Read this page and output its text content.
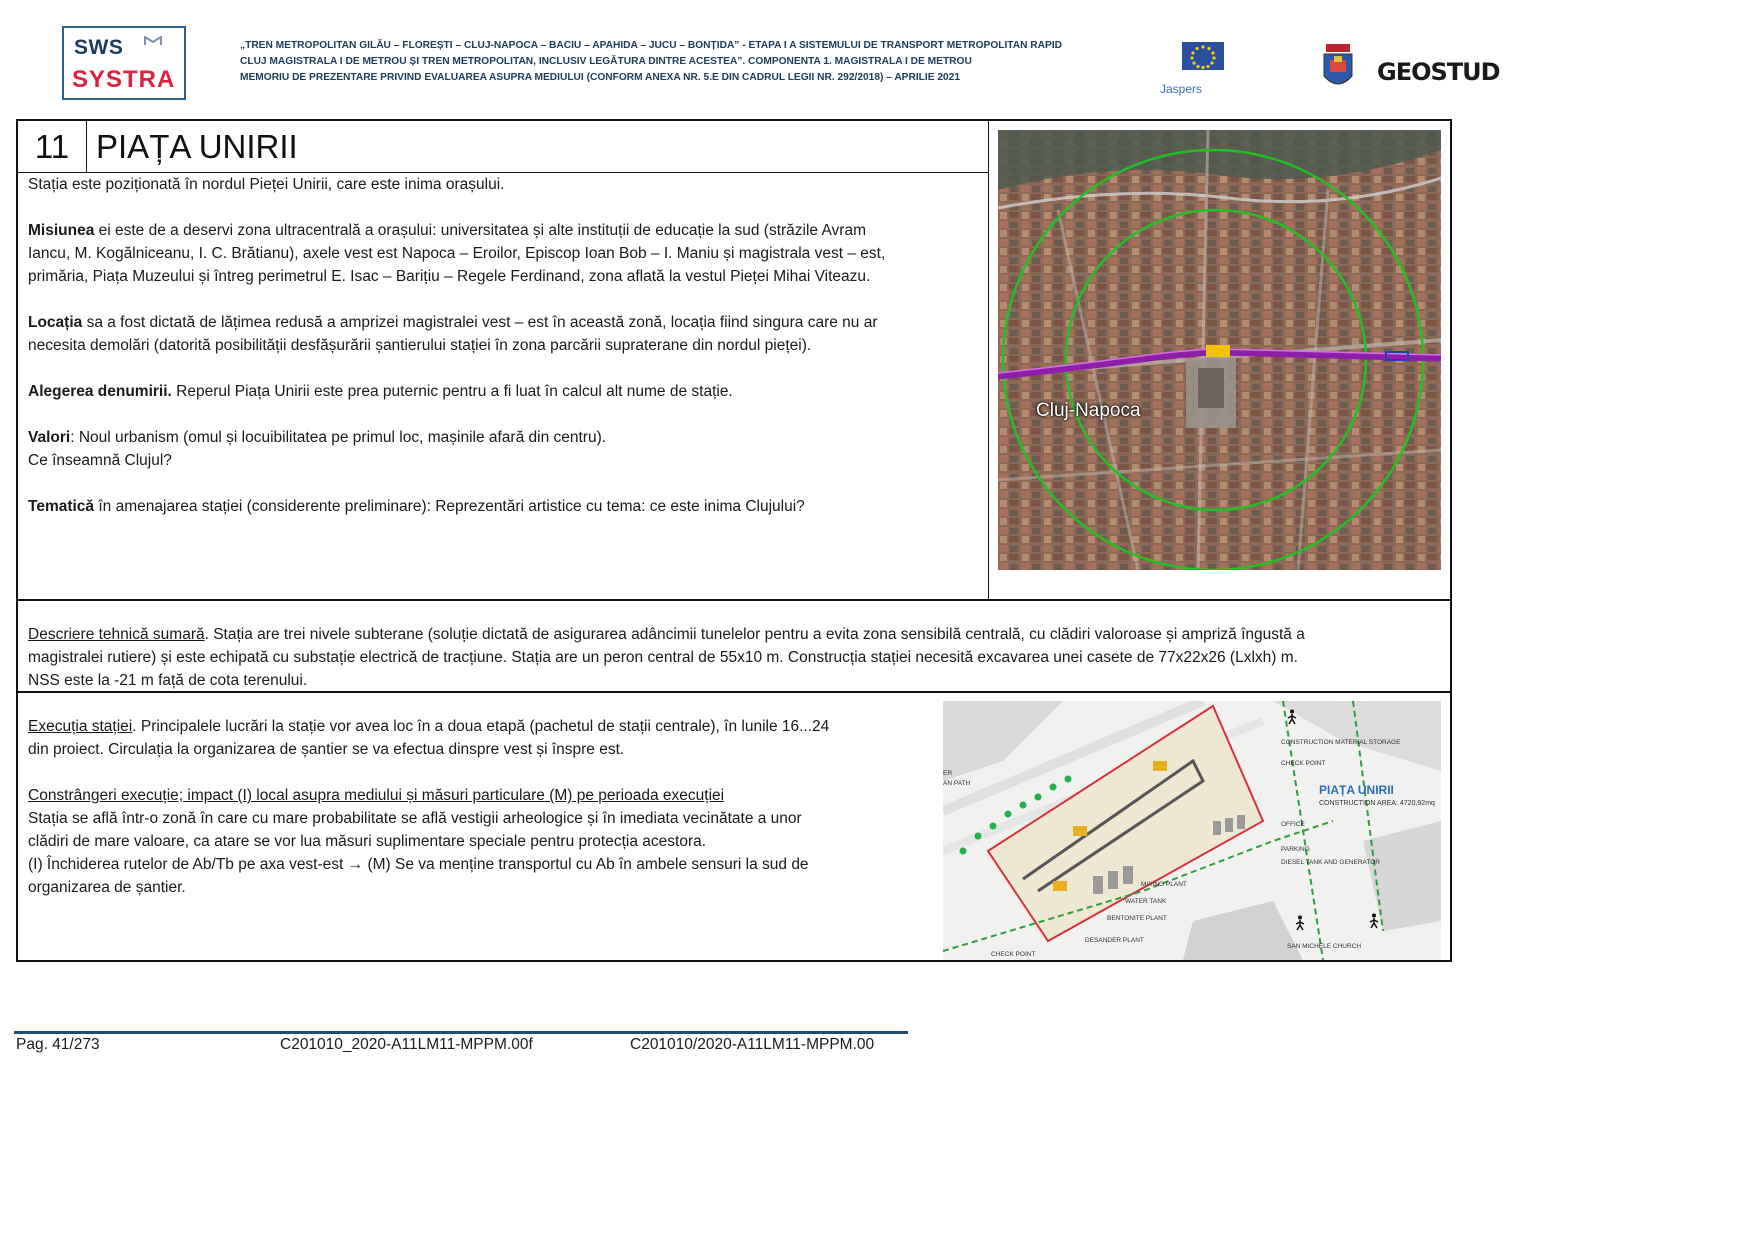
SWS
SYSTRA
„TREN METROPOLITAN GILĂU – FLOREȘTI – CLUJ-NAPOCA – BACIU – APAHIDA – JUCU – BONȚIDA” - ETAPA I A SISTEMULUI DE TRANSPORT METROPOLITAN RAPID
CLUJ MAGISTRALA I DE METROU ȘI TREN METROPOLITAN, INCLUSIV LEGĂTURA DINTRE ACESTEA”. COMPONENTA 1. MAGISTRALA I DE METROU
MEMORIU DE PREZENTARE PRIVIND EVALUAREA ASUPRA MEDIULUI (CONFORM ANEXA NR. 5.E DIN CADRUL LEGII NR. 292/2018) – APRILIE 2021
Jaspers
GEOSTUD
11 PIAȚA UNIRII

Stația este poziționată în nordul Pieței Unirii, care este inima orașului.

Misiunea ei este de a deservi zona ultracentrală a orașului: universitatea și alte instituții de educație la sud (străzile Avram

Iancu, M. Kogălniceanu, I. C. Brătianu), axele vest est Napoca – Eroilor, Episcop Ioan Bob – I. Maniu și magistrala vest – est,

primăria, Piața Muzeului și întreg perimetrul E. Isac – Barițiu – Regele Ferdinand, zona aflată la vestul Pieței Mihai Viteazu.

Locația sa a fost dictată de lățimea redusă a amprizei magistralei vest – est în această zonă, locația fiind singura care nu ar

necesita demolări (datorită posibilității desfășurării șantierului stației în zona parcării supraterane din nordul pieței).

Alegerea denumirii. Reperul Piața Unirii este prea puternic pentru a fi luat în calcul alt nume de stație.

Valori: Noul urbanism (omul și locuibilitatea pe primul loc, mașinile afară din centru).

Ce înseamnă Clujul?

Tematică în amenajarea stației (considerente preliminare): Reprezentări artistice cu tema: ce este inima Clujului?

Cluj-Napoca

Descriere tehnică sumară. Stația are trei nivele subterane (soluție dictată de asigurarea adâncimii tunelelor pentru a evita zona sensibilă centrală, cu clădiri valoroase și ampriză îngustă a

magistralei rutiere) și este echipată cu substație electrică de tracțiune. Stația are un peron central de 55x10 m. Construcția stației necesită excavarea unei casete de 77x22x26 (Lxlxh) m.

NSS este la -21 m față de cota terenului.

Execuția stației. Principalele lucrări la stație vor avea loc în a doua etapă (pachetul de stații centrale), în lunile 16...24

din proiect. Circulația la organizarea de șantier se va efectua dinspre vest și înspre est.

Constrângeri execuție; impact (I) local asupra mediului și măsuri particulare (M) pe perioada execuției

Stația se află într-o zonă în care cu mare probabilitate se află vestigii arheologice și în imediata vecinătate a unor

clădiri de mare valoare, ca atare se vor lua măsuri suplimentare speciale pentru protecția acestora.

(I) Închiderea rutelor de Ab/Tb pe axa vest-est → (M) Se va menține transportul cu Ab în ambele sensuri la sud de

organizarea de șantier.

PIAȚA UNIRII
CONSTRUCTION AREA: 4720,92mq
CONSTRUCTION MATERIAL STORAGE
CHECK POINT
OFFICE
PARKING
DIESEL TANK AND GENERATOR
MIXING PLANT
WATER TANK
BENTONITE PLANT
DESANDER PLANT
SAN MICHELE CHURCH
CHECK POINT
ER
AN PATH
Pag. 41/273	C201010_2020-A11LM11-MPPM.00f	C201010/2020-A11LM11-MPPM.00
